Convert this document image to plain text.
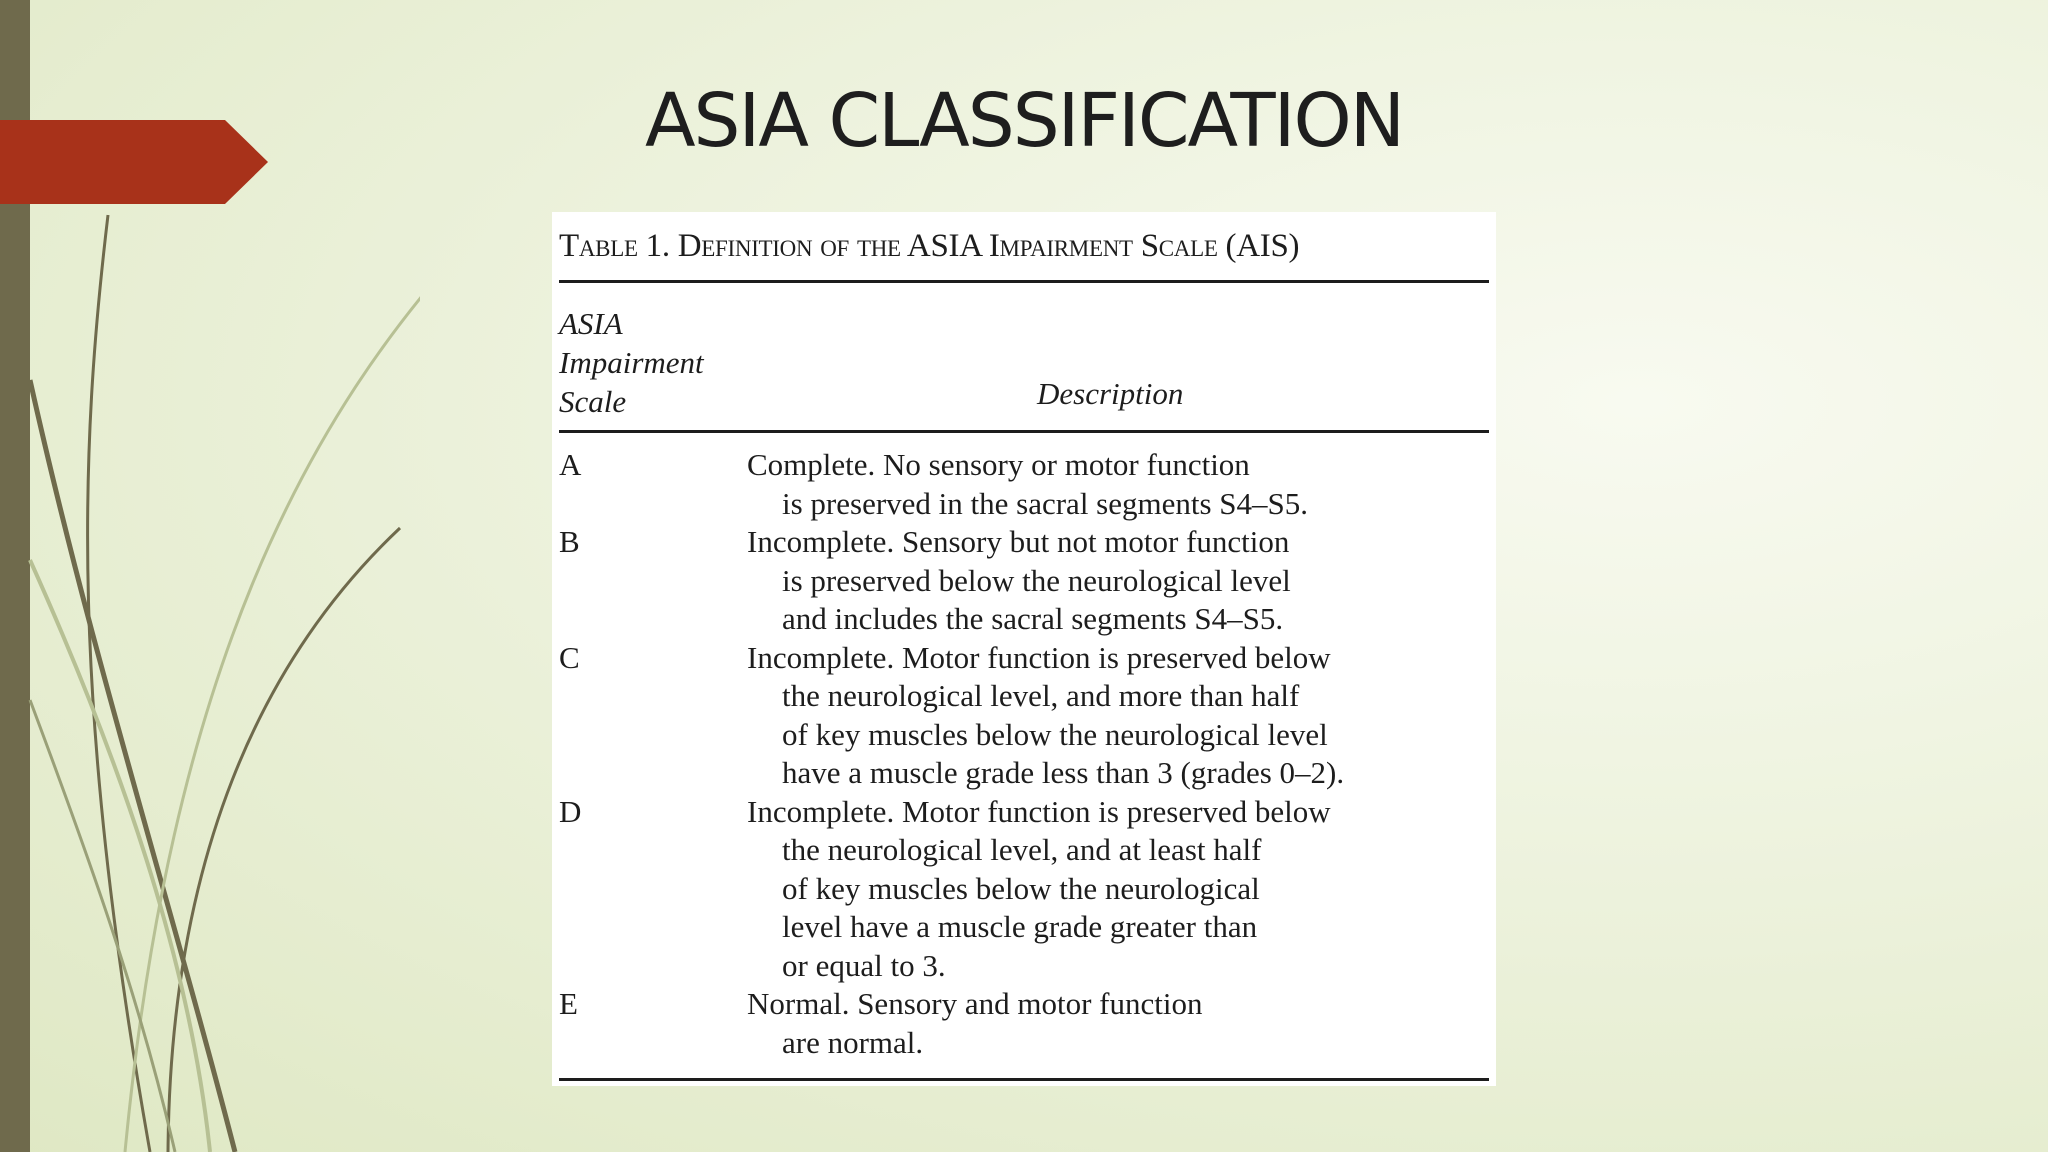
ASIA CLASSIFICATION
Table 1. Definition of the ASIA Impairment Scale (AIS)
ASIA
Impairment
Scale	Description
A	Complete. No sensory or motor function
is preserved in the sacral segments S4–S5.
B	Incomplete. Sensory but not motor function
is preserved below the neurological level
and includes the sacral segments S4–S5.
C	Incomplete. Motor function is preserved below
the neurological level, and more than half
of key muscles below the neurological level
have a muscle grade less than 3 (grades 0–2).
D	Incomplete. Motor function is preserved below
the neurological level, and at least half
of key muscles below the neurological
level have a muscle grade greater than
or equal to 3.
E	Normal. Sensory and motor function
are normal.
